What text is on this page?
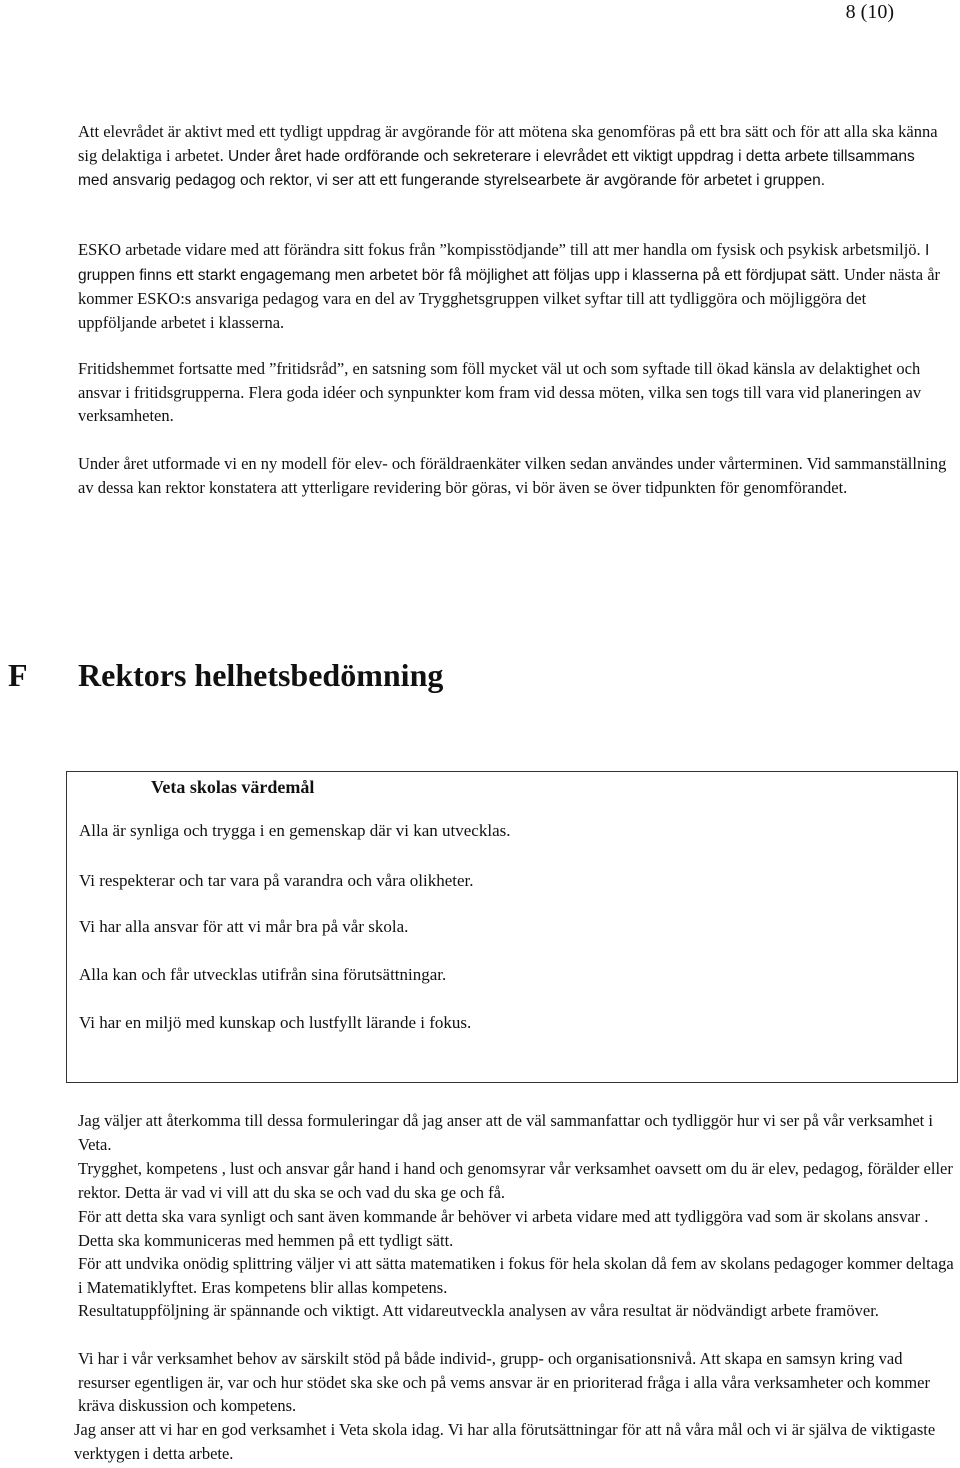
8 (10)

Att elevrådet är aktivt med ett tydligt uppdrag är avgörande för att mötena ska genomföras på ett bra sätt och för att alla ska känna sig delaktiga i arbetet. Under året hade ordförande och sekreterare i elevrådet ett viktigt uppdrag i detta arbete tillsammans med ansvarig pedagog och rektor, vi ser att ett fungerande styrelsearbete är avgörande för arbetet i gruppen.

ESKO arbetade vidare med att förändra sitt fokus från ”kompisstödjande” till att mer handla om fysisk och psykisk arbetsmiljö. I gruppen finns ett starkt engagemang men arbetet bör få möjlighet att följas upp i klasserna på ett fördjupat sätt. Under nästa år kommer ESKO:s ansvariga pedagog vara en del av Trygghetsgruppen vilket syftar till att tydliggöra och möjliggöra det uppföljande arbetet i klasserna.

Fritidshemmet fortsatte med ”fritidsråd”, en satsning som föll mycket väl ut och som syftade till ökad känsla av delaktighet och ansvar i fritidsgrupperna. Flera goda idéer och synpunkter kom fram vid dessa möten, vilka sen togs till vara vid planeringen av verksamheten.

Under året utformade vi en ny modell för elev- och föräldraenkäter vilken sedan användes under vårterminen. Vid sammanställning av dessa kan rektor konstatera att ytterligare revidering bör göras, vi bör även se över tidpunkten för genomförandet.

F Rektors helhetsbedömning
Veta skolas värdemål
Alla är synliga och trygga i en gemenskap där vi kan utvecklas.
Vi respekterar och tar vara på varandra och våra olikheter.
Vi har alla ansvar för att vi mår bra på vår skola.
Alla kan och får utvecklas utifrån sina förutsättningar.
Vi har en miljö med kunskap och lustfyllt lärande i fokus.

Jag väljer att återkomma till dessa formuleringar då jag anser att de väl sammanfattar och tydliggör hur vi ser på vår verksamhet i Veta.

Trygghet, kompetens , lust och ansvar går hand i hand och genomsyrar vår verksamhet oavsett om du är elev, pedagog, förälder eller rektor. Detta är vad vi vill att du ska se och vad du ska ge och få.

För att detta ska vara synligt och sant även kommande år behöver vi arbeta vidare med att tydliggöra vad som är skolans ansvar . Detta ska kommuniceras med hemmen på ett tydligt sätt.

För att undvika onödig splittring väljer vi att sätta matematiken i fokus för hela skolan då fem av skolans pedagoger kommer deltaga i Matematiklyftet. Eras kompetens blir allas kompetens.

Resultatuppföljning är spännande och viktigt. Att vidareutveckla analysen av våra resultat är nödvändigt arbete framöver.

Vi har i vår verksamhet behov av särskilt stöd på både individ-, grupp- och organisationsnivå. Att skapa en samsyn kring vad resurser egentligen är, var och hur stödet ska ske och på vems ansvar är en prioriterad fråga i alla våra verksamheter och kommer kräva diskussion och kompetens.

Jag anser att vi har en god verksamhet i Veta skola idag. Vi har alla förutsättningar för att nå våra mål och vi är själva de viktigaste verktygen i detta arbete.
